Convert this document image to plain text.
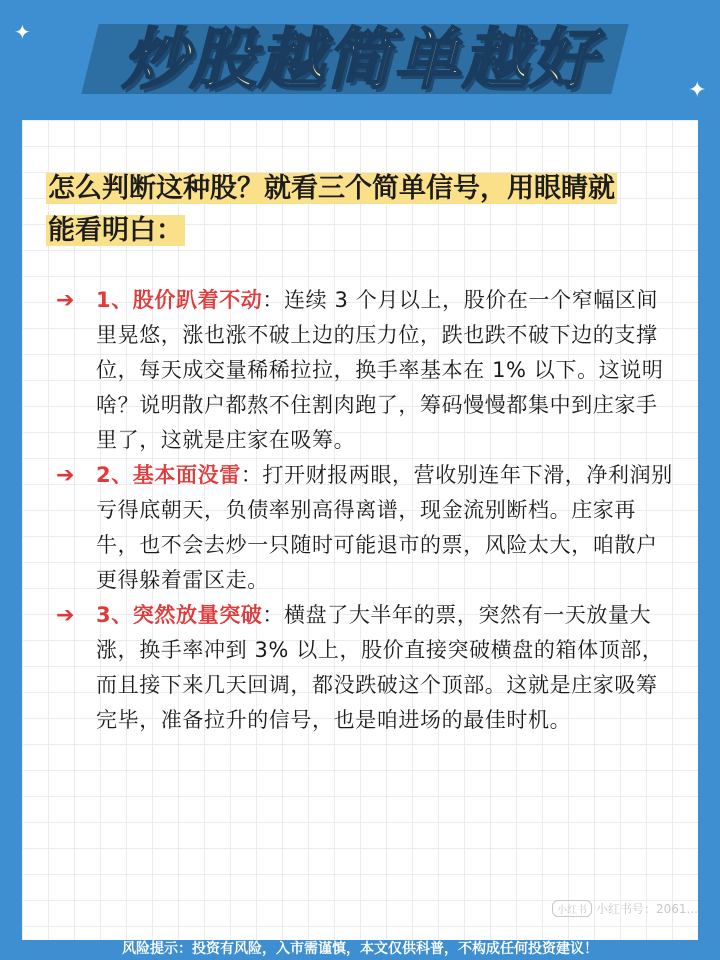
✦
✦
炒股越简单越好
怎么判断这种股？就看三个简单信号，用眼睛就
能看明白：
➔	1、股价趴着不动：连续 3 个月以上，股价在一个窄幅区间里晃悠，涨也涨不破上边的压力位，跌也跌不破下边的支撑位，每天成交量稀稀拉拉，换手率基本在 1% 以下。这说明啥？说明散户都熬不住割肉跑了，筹码慢慢都集中到庄家手里了，这就是庄家在吸筹。
➔	2、基本面没雷：打开财报两眼，营收别连年下滑，净利润别亏得底朝天，负债率别高得离谱，现金流别断档。庄家再牛，也不会去炒一只随时可能退市的票，风险太大，咱散户更得躲着雷区走。
➔	3、突然放量突破：横盘了大半年的票，突然有一天放量大涨，换手率冲到 3% 以上，股价直接突破横盘的箱体顶部，而且接下来几天回调，都没跌破这个顶部。这就是庄家吸筹完毕，准备拉升的信号，也是咱进场的最佳时机。
小红书 小红书号：2061...
风险提示：投资有风险，入市需谨慎，本文仅供科普，不构成任何投资建议！
